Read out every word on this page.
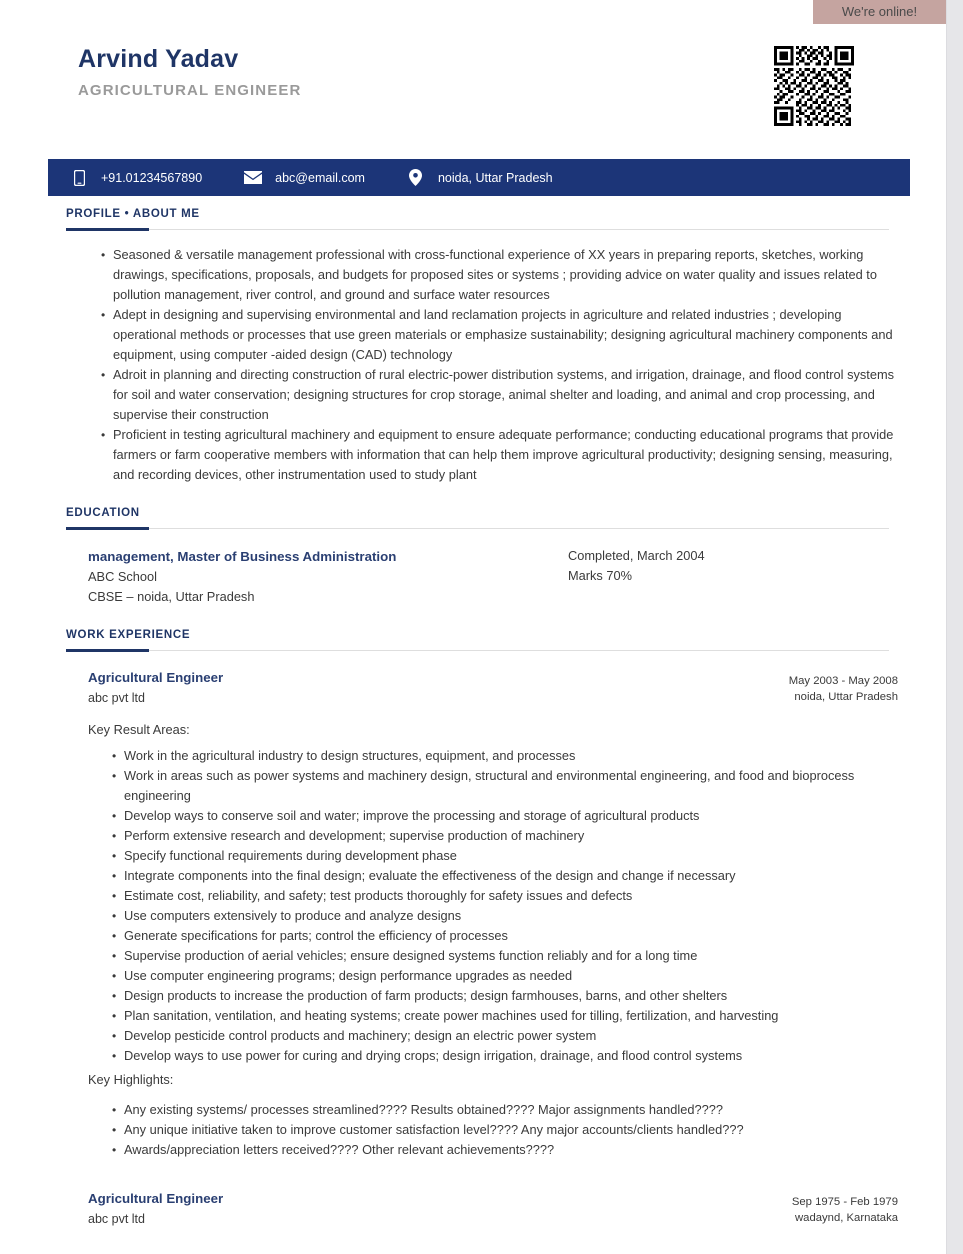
Arvind Yadav
AGRICULTURAL ENGINEER
+91.01234567890	abc@email.com	noida, Uttar Pradesh
PROFILE • ABOUT ME
• Seasoned & versatile management professional with cross-functional experience of XX years in preparing reports, sketches, working drawings, specifications, proposals, and budgets for proposed sites or systems ; providing advice on water quality and issues related to pollution management, river control, and ground and surface water resources
• Adept in designing and supervising environmental and land reclamation projects in agriculture and related industries ; developing operational methods or processes that use green materials or emphasize sustainability; designing agricultural machinery components and equipment, using computer -aided design (CAD) technology
• Adroit in planning and directing construction of rural electric-power distribution systems, and irrigation, drainage, and flood control systems for soil and water conservation; designing structures for crop storage, animal shelter and loading, and animal and crop processing, and supervise their construction
• Proficient in testing agricultural machinery and equipment to ensure adequate performance; conducting educational programs that provide farmers or farm cooperative members with information that can help them improve agricultural productivity; designing sensing, measuring, and recording devices, other instrumentation used to study plant
EDUCATION
management, Master of Business Administration
ABC School
CBSE – noida, Uttar Pradesh
Completed, March 2004
Marks 70%
WORK EXPERIENCE
Agricultural Engineer
abc pvt ltd
May 2003 - May 2008
noida, Uttar Pradesh
Key Result Areas:
• Work in the agricultural industry to design structures, equipment, and processes
• Work in areas such as power systems and machinery design, structural and environmental engineering, and food and bioprocess engineering
• Develop ways to conserve soil and water; improve the processing and storage of agricultural products
• Perform extensive research and development; supervise production of machinery
• Specify functional requirements during development phase
• Integrate components into the final design; evaluate the effectiveness of the design and change if necessary
• Estimate cost, reliability, and safety; test products thoroughly for safety issues and defects
• Use computers extensively to produce and analyze designs
• Generate specifications for parts; control the efficiency of processes
• Supervise production of aerial vehicles; ensure designed systems function reliably and for a long time
• Use computer engineering programs; design performance upgrades as needed
• Design products to increase the production of farm products; design farmhouses, barns, and other shelters
• Plan sanitation, ventilation, and heating systems; create power machines used for tilling, fertilization, and harvesting
• Develop pesticide control products and machinery; design an electric power system
• Develop ways to use power for curing and drying crops; design irrigation, drainage, and flood control systems
Key Highlights:
• Any existing systems/ processes streamlined???? Results obtained???? Major assignments handled????
• Any unique initiative taken to improve customer satisfaction level???? Any major accounts/clients handled???
• Awards/appreciation letters received???? Other relevant achievements????
Agricultural Engineer
abc pvt ltd
Sep 1975 - Feb 1979
wadaynd, Karnataka
We're online!
